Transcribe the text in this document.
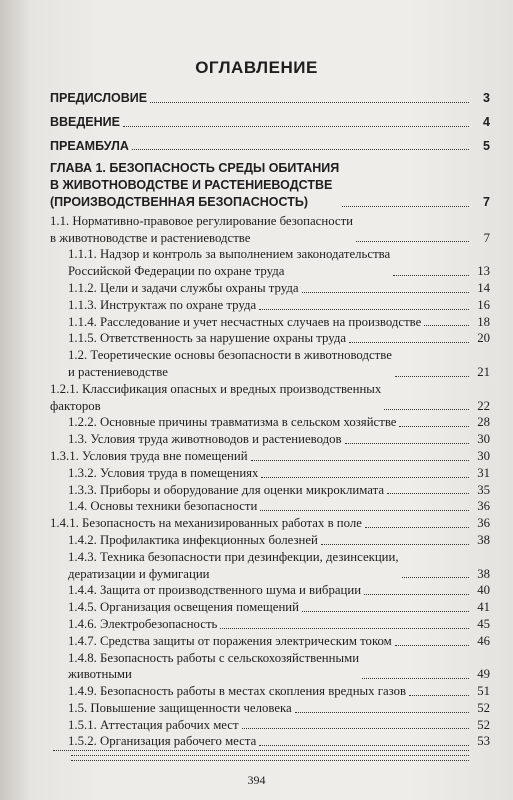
ОГЛАВЛЕНИЕ
ПРЕДИСЛОВИЕ	3
ВВЕДЕНИЕ	4
ПРЕАМБУЛА	5
ГЛАВА 1. БЕЗОПАСНОСТЬ СРЕДЫ ОБИТАНИЯ
В ЖИВОТНОВОДСТВЕ И РАСТЕНИЕВОДСТВЕ
(ПРОИЗВОДСТВЕННАЯ БЕЗОПАСНОСТЬ)	7
1.1. Нормативно-правовое регулирование безопасности
в животноводстве и растениеводстве	7
1.1.1. Надзор и контроль за выполнением законодательства
Российской Федерации по охране труда	13
1.1.2. Цели и задачи службы охраны труда	14
1.1.3. Инструктаж по охране труда	16
1.1.4. Расследование и учет несчастных случаев на производстве	18
1.1.5. Ответственность за нарушение охраны труда	20
1.2. Теоретические основы безопасности в животноводстве
и растениеводстве	21
1.2.1. Классификация опасных и вредных производственных
факторов	22
1.2.2. Основные причины травматизма в сельском хозяйстве	28
1.3. Условия труда животноводов и растениеводов	30
1.3.1. Условия труда вне помещений	30
1.3.2. Условия труда в помещениях	31
1.3.3. Приборы и оборудование для оценки микроклимата	35
1.4. Основы техники безопасности	36
1.4.1. Безопасность на механизированных работах в поле	36
1.4.2. Профилактика инфекционных болезней	38
1.4.3. Техника безопасности при дезинфекции, дезинсекции,
дератизации и фумигации	38
1.4.4. Защита от производственного шума и вибрации	40
1.4.5. Организация освещения помещений	41
1.4.6. Электробезопасность	45
1.4.7. Средства защиты от поражения электрическим током	46
1.4.8. Безопасность работы с сельскохозяйственными
животными	49
1.4.9. Безопасность работы в местах скопления вредных газов	51
1.5. Повышение защищенности человека	52
1.5.1. Аттестация рабочих мест	52
1.5.2. Организация рабочего места	53
394
